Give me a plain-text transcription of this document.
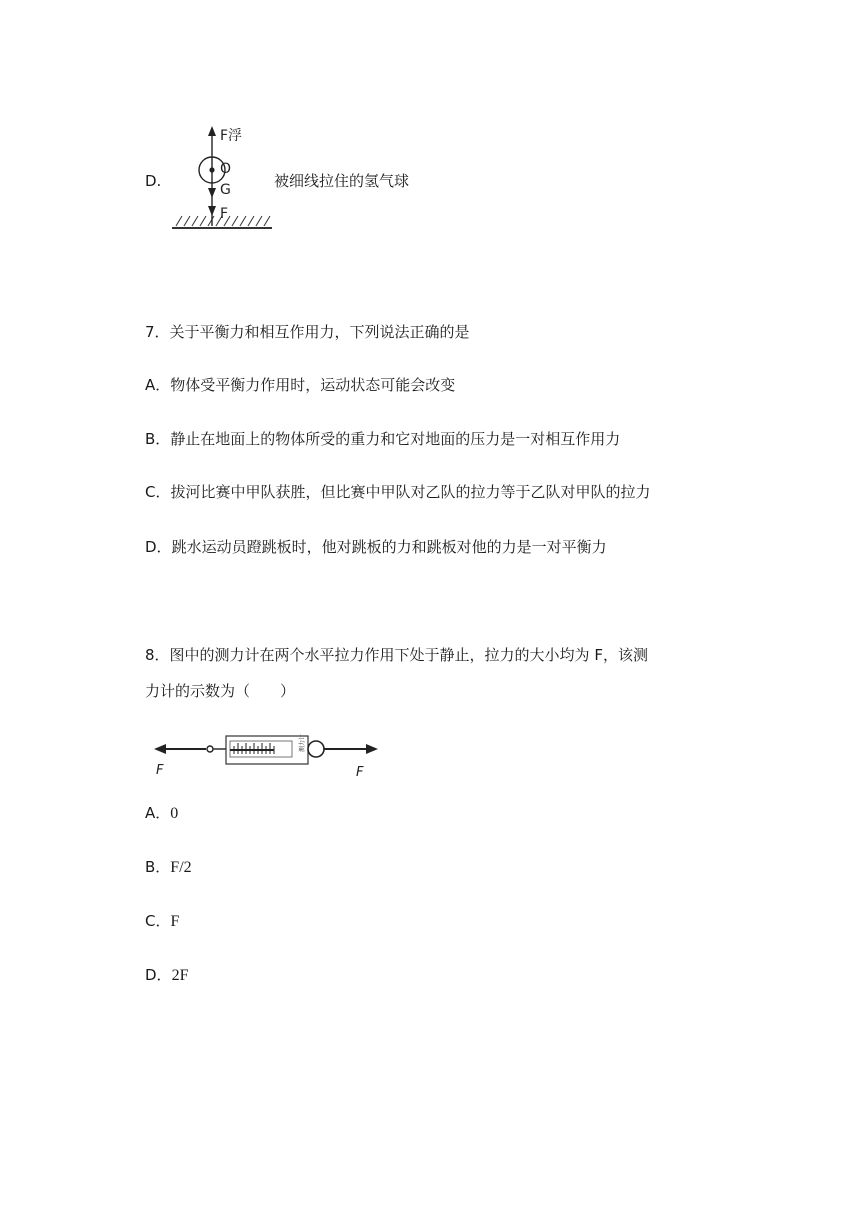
D.
F浮
O
G
F
被细线拉住的氢气球
7．关于平衡力和相互作用力，下列说法正确的是
A．物体受平衡力作用时，运动状态可能会改变
B．静止在地面上的物体所受的重力和它对地面的压力是一对相互作用力
C．拔河比赛中甲队获胜，但比赛中甲队对乙队的拉力等于乙队对甲队的拉力
D．跳水运动员蹬跳板时，他对跳板的力和跳板对他的力是一对平衡力
8．图中的测力计在两个水平拉力作用下处于静止，拉力的大小均为 F，该测
力计的示数为（　　）
测力计
F	F
A．0
B．F/2
C．F
D．2F
